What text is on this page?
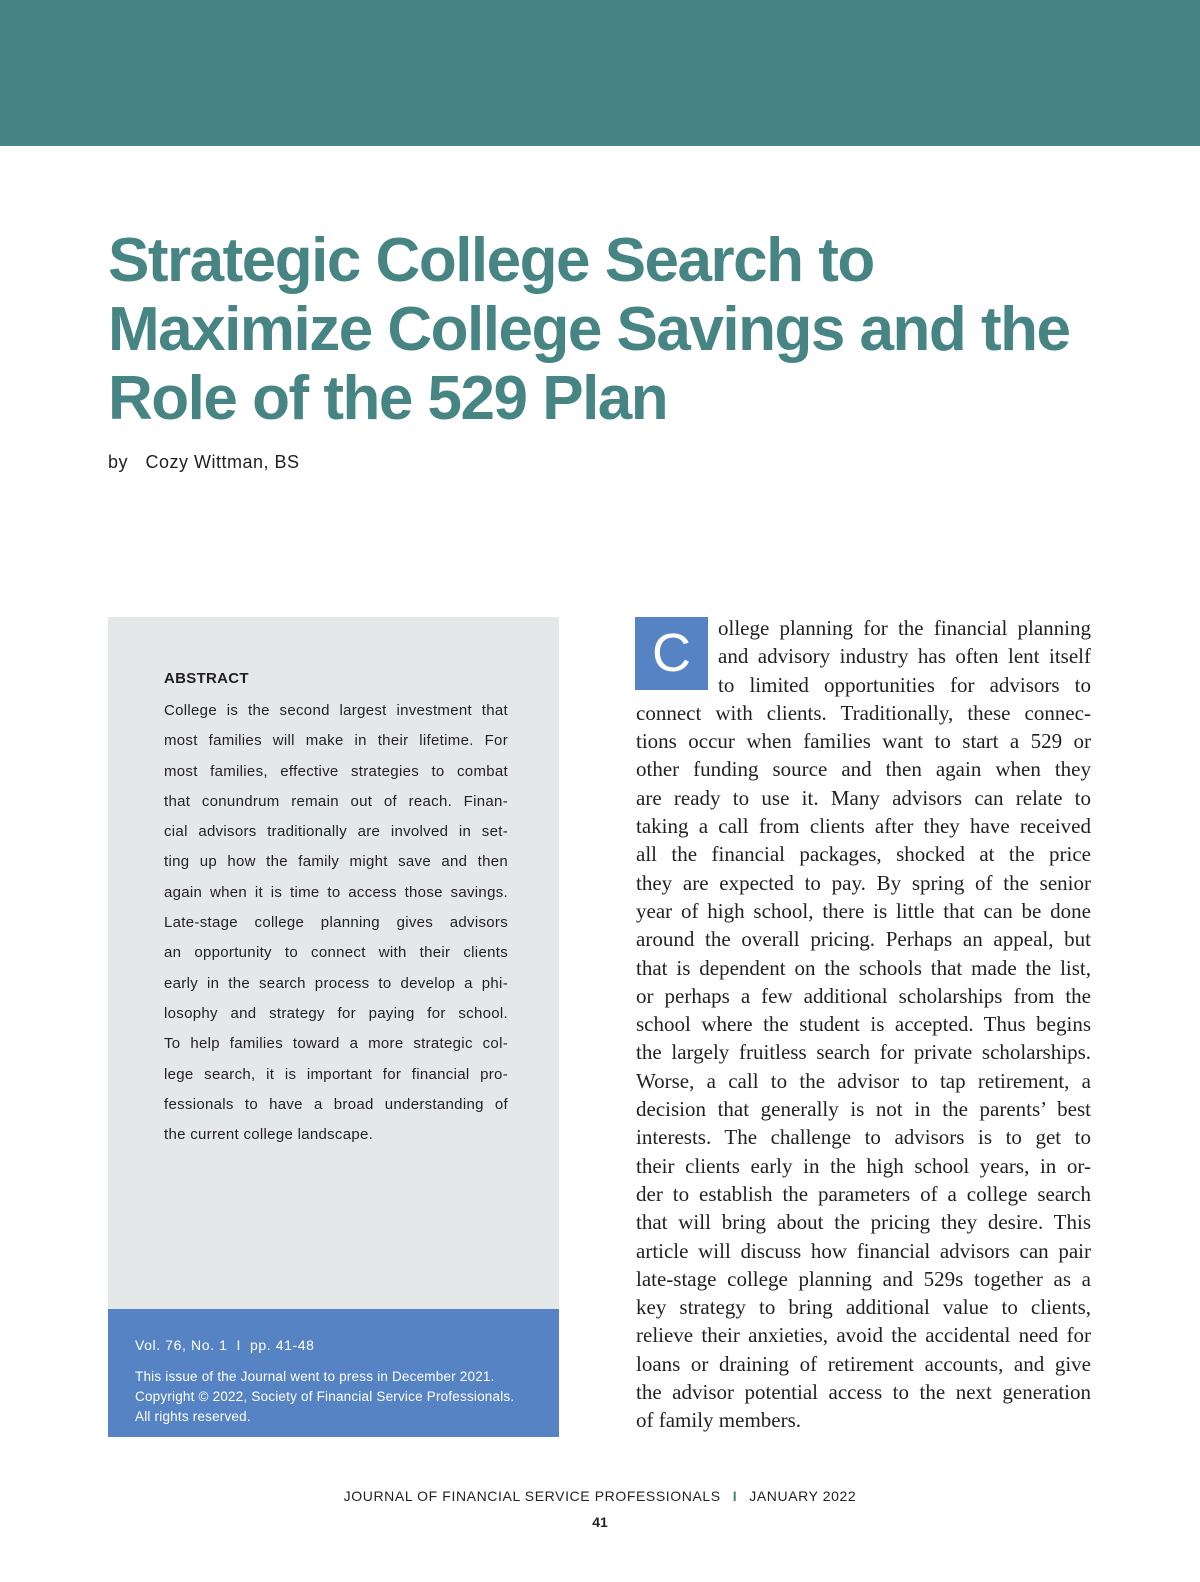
Strategic College Search to
Maximize College Savings and the
Role of the 529 Plan
by Cozy Wittman, BS
ABSTRACT
College is the second largest investment that
most families will make in their lifetime. For
most families, effective strategies to combat
that conundrum remain out of reach. Finan-
cial advisors traditionally are involved in set-
ting up how the family might save and then
again when it is time to access those savings.
Late-stage college planning gives advisors
an opportunity to connect with their clients
early in the search process to develop a phi-
losophy and strategy for paying for school.
To help families toward a more strategic col-
lege search, it is important for financial pro-
fessionals to have a broad understanding of
the current college landscape.
Vol. 76, No. 1 I pp. 41-48
This issue of the Journal went to press in December 2021.
Copyright © 2022, Society of Financial Service Professionals.
All rights reserved.
C	ollege planning for the financial planning
and advisory industry has often lent itself
to limited opportunities for advisors to
connect with clients. Traditionally, these connec-
tions occur when families want to start a 529 or
other funding source and then again when they
are ready to use it. Many advisors can relate to
taking a call from clients after they have received
all the financial packages, shocked at the price
they are expected to pay. By spring of the senior
year of high school, there is little that can be done
around the overall pricing. Perhaps an appeal, but
that is dependent on the schools that made the list,
or perhaps a few additional scholarships from the
school where the student is accepted. Thus begins
the largely fruitless search for private scholarships.
Worse, a call to the advisor to tap retirement, a
decision that generally is not in the parents’ best
interests. The challenge to advisors is to get to
their clients early in the high school years, in or-
der to establish the parameters of a college search
that will bring about the pricing they desire. This
article will discuss how financial advisors can pair
late-stage college planning and 529s together as a
key strategy to bring additional value to clients,
relieve their anxieties, avoid the accidental need for
loans or draining of retirement accounts, and give
the advisor potential access to the next generation
of family members.
JOURNAL OF FINANCIAL SERVICE PROFESSIONALS I JANUARY 2022
41
